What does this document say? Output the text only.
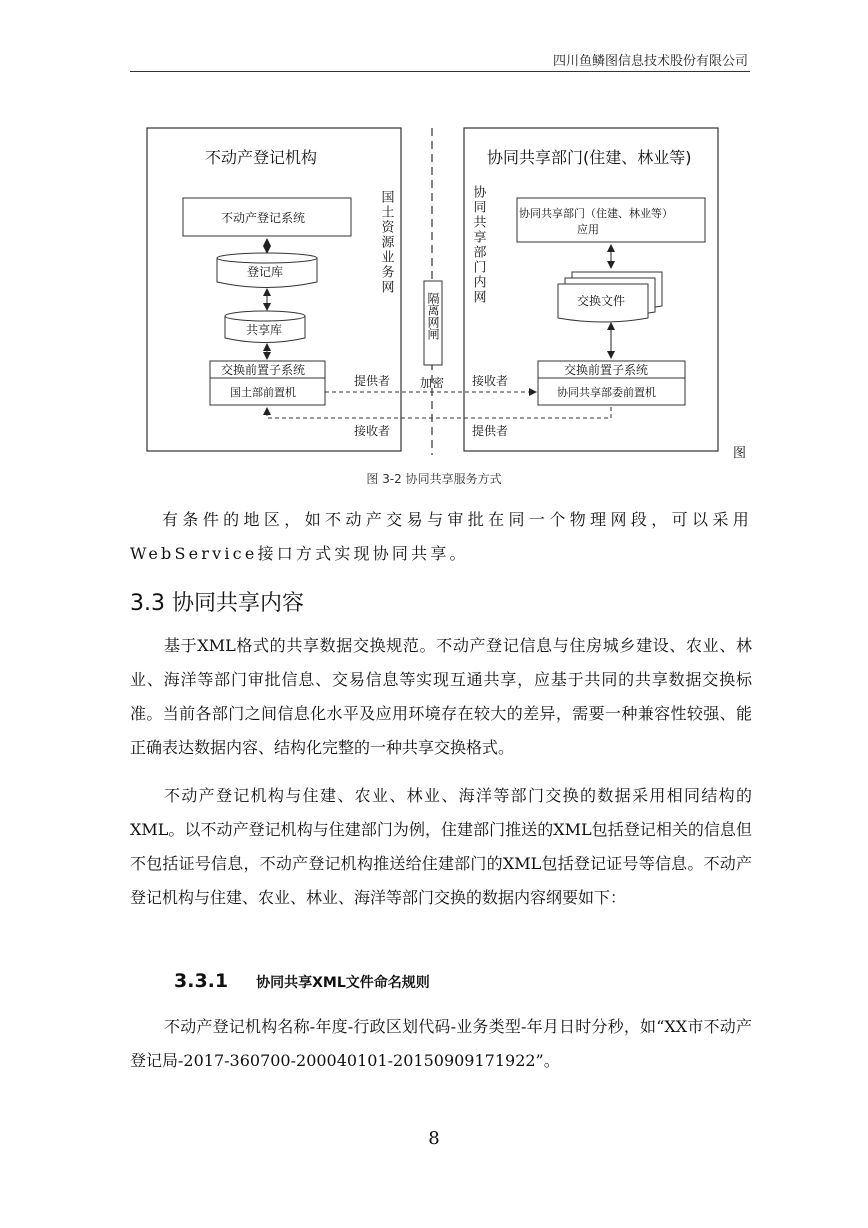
四川鱼鳞图信息技术股份有限公司
隔离网闸
加密
不动产登记机构	协同共享部门(住建、林业等)
国土资源业务网	协同共享部门内网
不动产登记系统
登记库
共享库
交换前置子系统
国土部前置机
协同共享部门（住建、林业等）
应用
交换文件
交换前置子系统
协同共享部委前置机
提供者	接收者
接收者	提供者
图
图 3-2 协同共享服务方式

有条件的地区，如不动产交易与审批在同一个物理网段，可以采用WebService接口方式实现协同共享。

3.3 协同共享内容

基于XML格式的共享数据交换规范。不动产登记信息与住房城乡建设、农业、林业、海洋等部门审批信息、交易信息等实现互通共享，应基于共同的共享数据交换标准。当前各部门之间信息化水平及应用环境存在较大的差异，需要一种兼容性较强、能正确表达数据内容、结构化完整的一种共享交换格式。

不动产登记机构与住建、农业、林业、海洋等部门交换的数据采用相同结构的XML。以不动产登记机构与住建部门为例，住建部门推送的XML包括登记相关的信息但不包括证号信息，不动产登记机构推送给住建部门的XML包括登记证号等信息。不动产登记机构与住建、农业、林业、海洋等部门交换的数据内容纲要如下：

3.3.1 协同共享XML文件命名规则

不动产登记机构名称-年度-行政区划代码-业务类型-年月日时分秒，如“XX市不动产登记局-2017-360700-200040101-20150909171922”。

8
